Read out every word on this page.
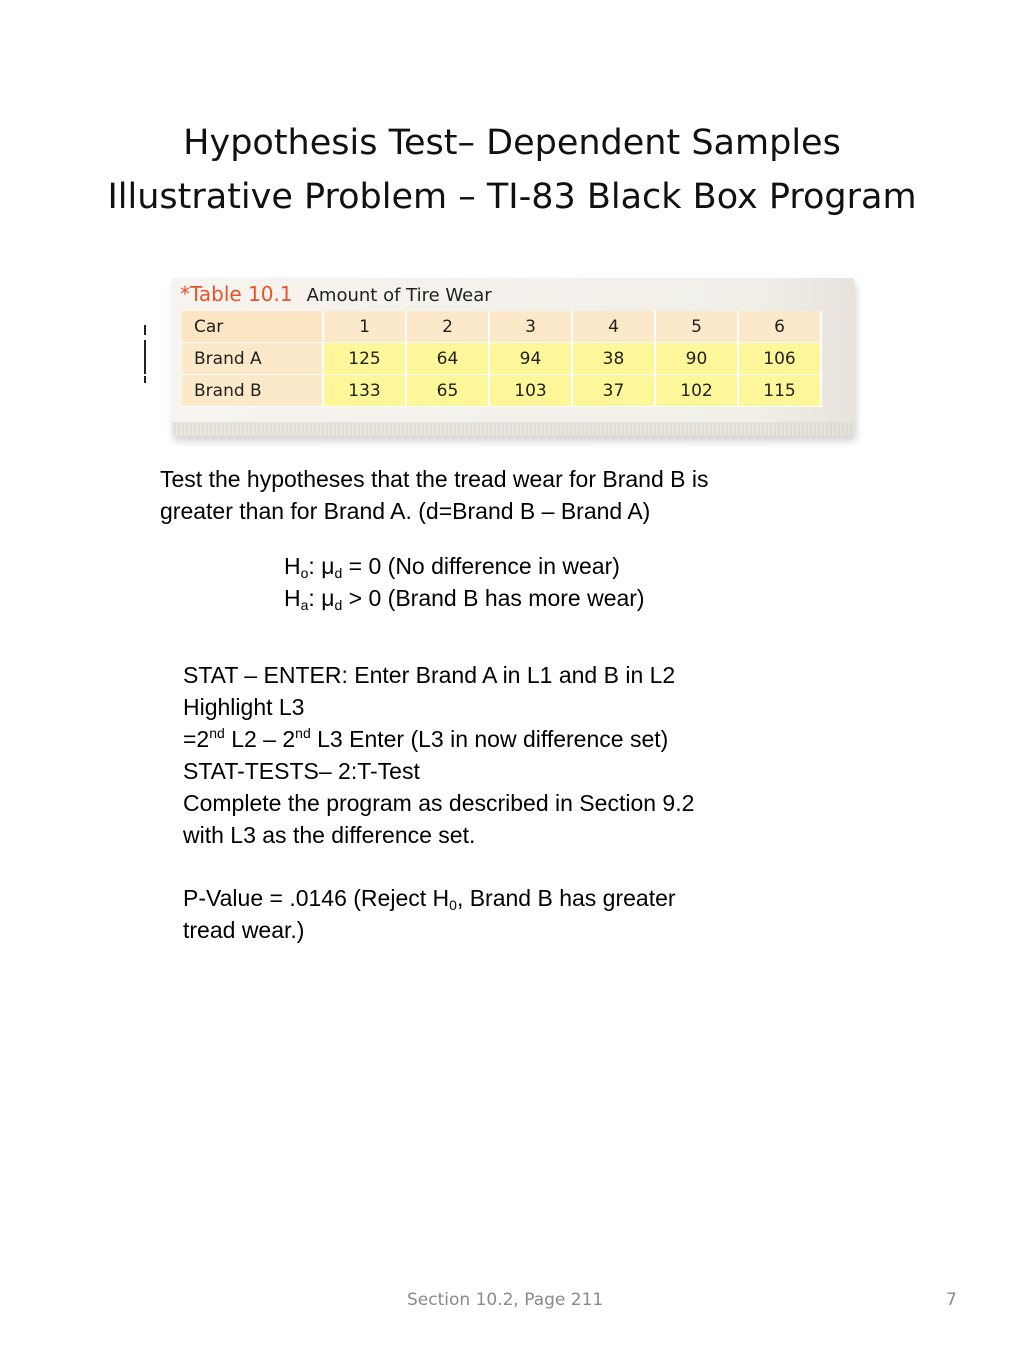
Hypothesis Test– Dependent Samples
Illustrative Problem – TI-83 Black Box Program
*Table 10.1 Amount of Tire Wear
Car	1	2	3	4	5	6
Brand A	125	64	94	38	90	106
Brand B	133	65	103	37	102	115
Test the hypotheses that the tread wear for Brand B is
greater than for Brand A. (d=Brand B – Brand A)
$H_o$: $\mu_d = 0$ (No difference in wear)
$H_a$: $\mu_d > 0$ (Brand B has more wear)
STAT – ENTER: Enter Brand A in L1 and B in L2
Highlight L3
=2nd L2 – 2nd L3 Enter (L3 in now difference set)
STAT-TESTS– 2:T-Test
Complete the program as described in Section 9.2
with L3 as the difference set.
P-Value = .0146 (Reject $H_0$, Brand B has greater
tread wear.)
Section 10.2, Page 211	7
